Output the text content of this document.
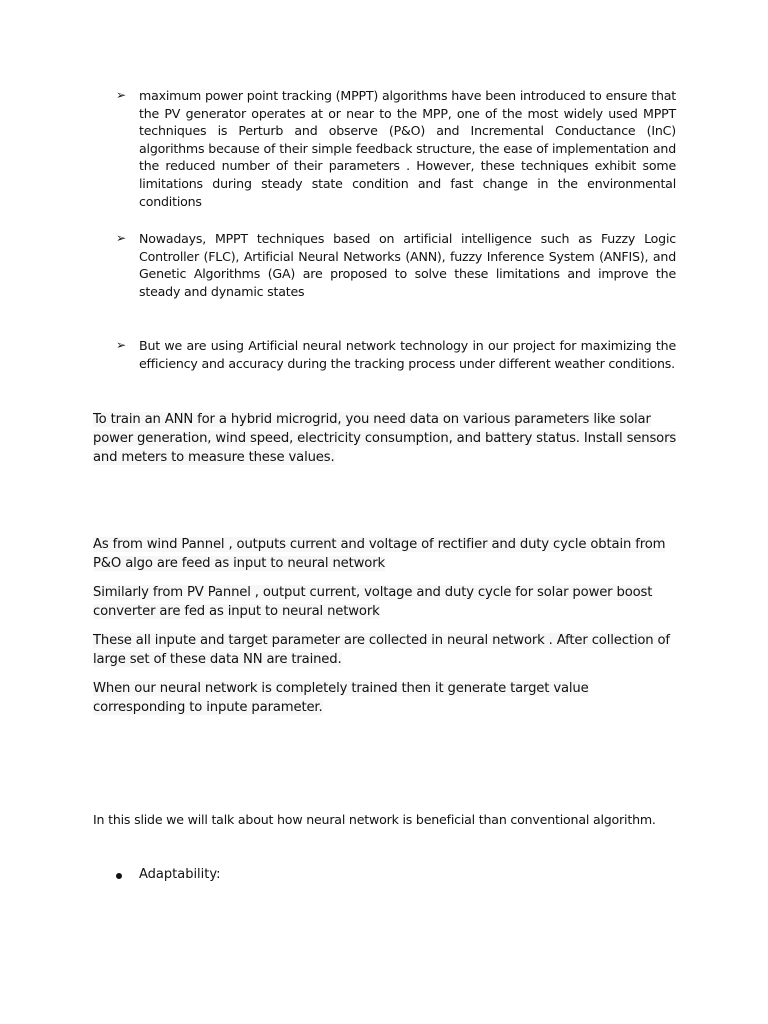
➢	maximum power point tracking (MPPT) algorithms have been introduced to ensure that the PV generator operates at or near to the MPP, one of the most widely used MPPT techniques is Perturb and observe (P&O) and Incremental Conductance (InC) algorithms because of their simple feedback structure, the ease of implementation and the reduced number of their parameters . However, these techniques exhibit some limitations during steady state condition and fast change in the environmental conditions
➢	Nowadays, MPPT techniques based on artificial intelligence such as Fuzzy Logic Controller (FLC), Artificial Neural Networks (ANN), fuzzy Inference System (ANFIS), and Genetic Algorithms (GA) are proposed to solve these limitations and improve the steady and dynamic states
➢	But we are using Artificial neural network technology in our project for maximizing the efficiency and accuracy during the tracking process under different weather conditions.
To train an ANN for a hybrid microgrid, you need data on various parameters like solar power generation, wind speed, electricity consumption, and battery status. Install sensors and meters to measure these values.
As from wind Pannel , outputs current and voltage of rectifier and duty cycle obtain from P&O algo are feed as input to neural network
Similarly from PV Pannel , output current, voltage and duty cycle for solar power boost converter are fed as input to neural network
These all inpute and target parameter are collected in neural network . After collection of large set of these data NN are trained.
When our neural network is completely trained then it generate target value corresponding to inpute parameter.
In this slide we will talk about how neural network is beneficial than conventional algorithm.
Adaptability:
